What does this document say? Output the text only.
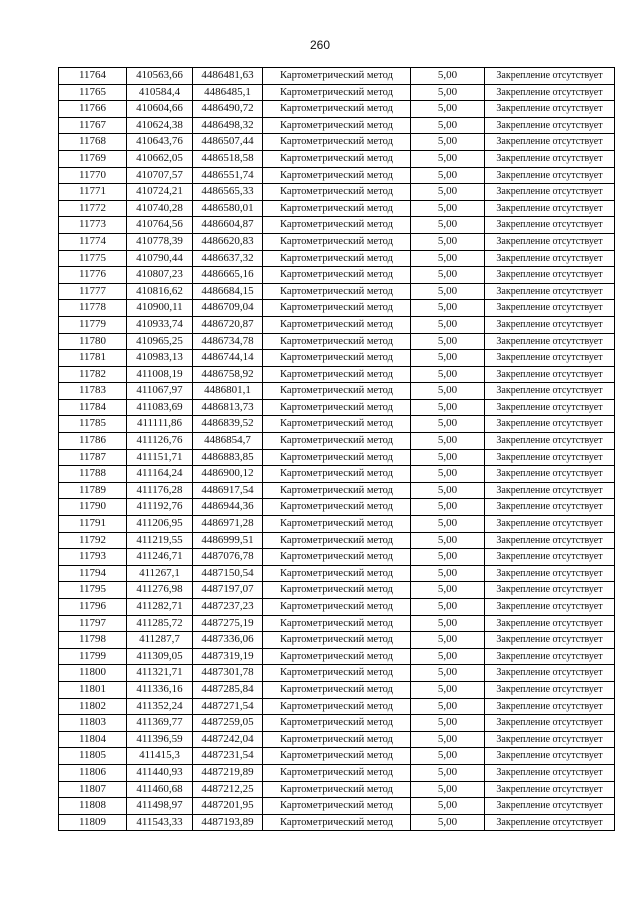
260
11764	410563,66	4486481,63	Картометрический метод	5,00	Закрепление отсутствует
11765	410584,4	4486485,1	Картометрический метод	5,00	Закрепление отсутствует
11766	410604,66	4486490,72	Картометрический метод	5,00	Закрепление отсутствует
11767	410624,38	4486498,32	Картометрический метод	5,00	Закрепление отсутствует
11768	410643,76	4486507,44	Картометрический метод	5,00	Закрепление отсутствует
11769	410662,05	4486518,58	Картометрический метод	5,00	Закрепление отсутствует
11770	410707,57	4486551,74	Картометрический метод	5,00	Закрепление отсутствует
11771	410724,21	4486565,33	Картометрический метод	5,00	Закрепление отсутствует
11772	410740,28	4486580,01	Картометрический метод	5,00	Закрепление отсутствует
11773	410764,56	4486604,87	Картометрический метод	5,00	Закрепление отсутствует
11774	410778,39	4486620,83	Картометрический метод	5,00	Закрепление отсутствует
11775	410790,44	4486637,32	Картометрический метод	5,00	Закрепление отсутствует
11776	410807,23	4486665,16	Картометрический метод	5,00	Закрепление отсутствует
11777	410816,62	4486684,15	Картометрический метод	5,00	Закрепление отсутствует
11778	410900,11	4486709,04	Картометрический метод	5,00	Закрепление отсутствует
11779	410933,74	4486720,87	Картометрический метод	5,00	Закрепление отсутствует
11780	410965,25	4486734,78	Картометрический метод	5,00	Закрепление отсутствует
11781	410983,13	4486744,14	Картометрический метод	5,00	Закрепление отсутствует
11782	411008,19	4486758,92	Картометрический метод	5,00	Закрепление отсутствует
11783	411067,97	4486801,1	Картометрический метод	5,00	Закрепление отсутствует
11784	411083,69	4486813,73	Картометрический метод	5,00	Закрепление отсутствует
11785	411111,86	4486839,52	Картометрический метод	5,00	Закрепление отсутствует
11786	411126,76	4486854,7	Картометрический метод	5,00	Закрепление отсутствует
11787	411151,71	4486883,85	Картометрический метод	5,00	Закрепление отсутствует
11788	411164,24	4486900,12	Картометрический метод	5,00	Закрепление отсутствует
11789	411176,28	4486917,54	Картометрический метод	5,00	Закрепление отсутствует
11790	411192,76	4486944,36	Картометрический метод	5,00	Закрепление отсутствует
11791	411206,95	4486971,28	Картометрический метод	5,00	Закрепление отсутствует
11792	411219,55	4486999,51	Картометрический метод	5,00	Закрепление отсутствует
11793	411246,71	4487076,78	Картометрический метод	5,00	Закрепление отсутствует
11794	411267,1	4487150,54	Картометрический метод	5,00	Закрепление отсутствует
11795	411276,98	4487197,07	Картометрический метод	5,00	Закрепление отсутствует
11796	411282,71	4487237,23	Картометрический метод	5,00	Закрепление отсутствует
11797	411285,72	4487275,19	Картометрический метод	5,00	Закрепление отсутствует
11798	411287,7	4487336,06	Картометрический метод	5,00	Закрепление отсутствует
11799	411309,05	4487319,19	Картометрический метод	5,00	Закрепление отсутствует
11800	411321,71	4487301,78	Картометрический метод	5,00	Закрепление отсутствует
11801	411336,16	4487285,84	Картометрический метод	5,00	Закрепление отсутствует
11802	411352,24	4487271,54	Картометрический метод	5,00	Закрепление отсутствует
11803	411369,77	4487259,05	Картометрический метод	5,00	Закрепление отсутствует
11804	411396,59	4487242,04	Картометрический метод	5,00	Закрепление отсутствует
11805	411415,3	4487231,54	Картометрический метод	5,00	Закрепление отсутствует
11806	411440,93	4487219,89	Картометрический метод	5,00	Закрепление отсутствует
11807	411460,68	4487212,25	Картометрический метод	5,00	Закрепление отсутствует
11808	411498,97	4487201,95	Картометрический метод	5,00	Закрепление отсутствует
11809	411543,33	4487193,89	Картометрический метод	5,00	Закрепление отсутствует
